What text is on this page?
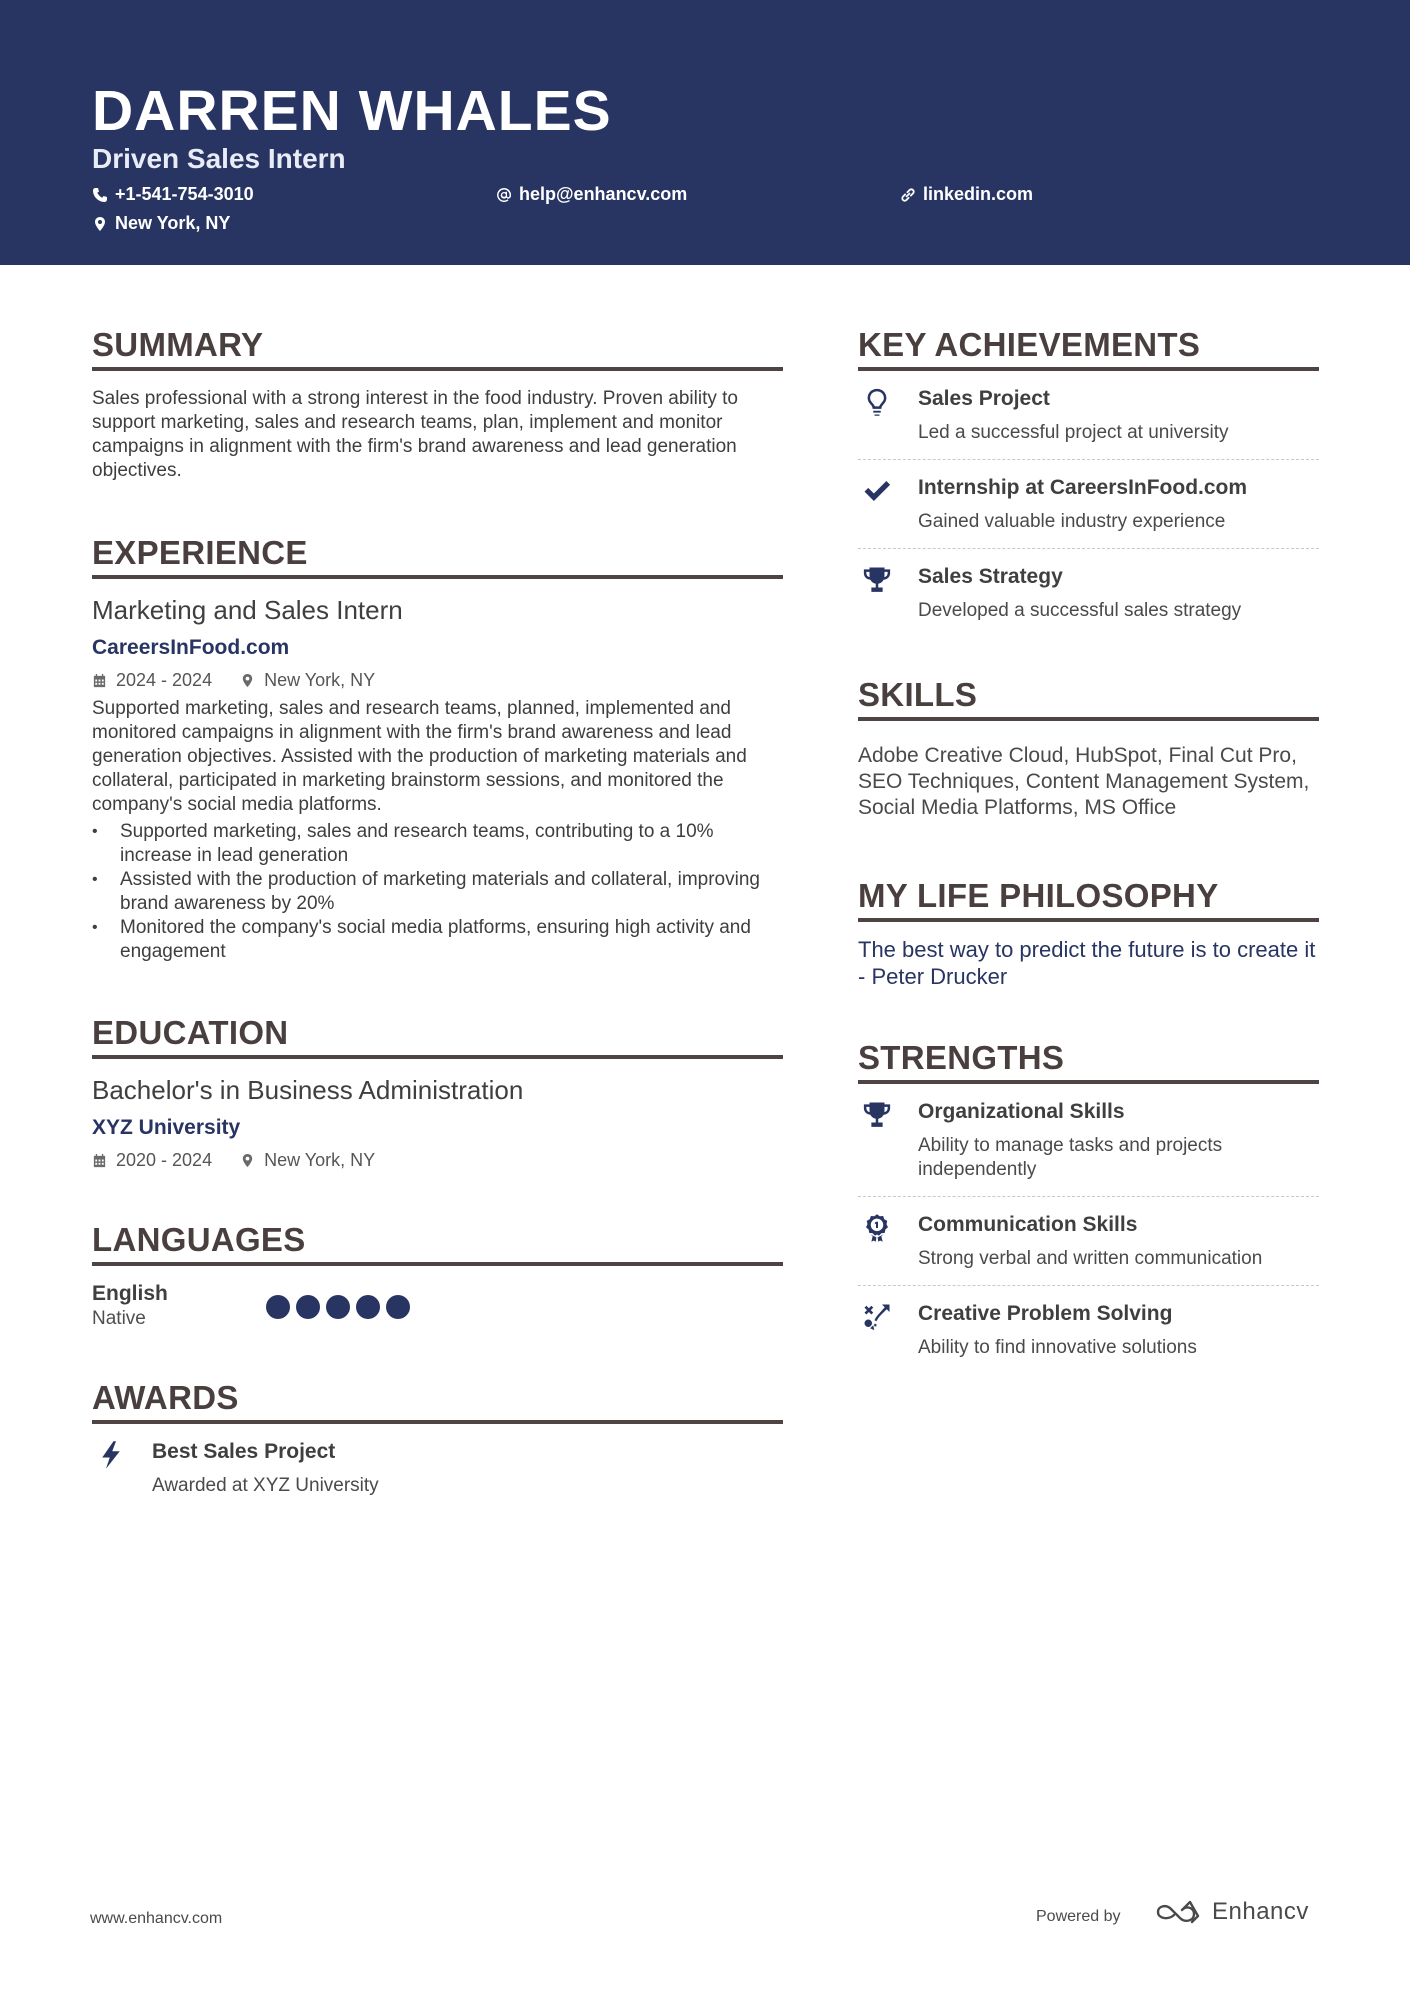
DARREN WHALES
Driven Sales Intern
+1-541-754-3010	help@enhancv.com	linkedin.com
New York, NY
SUMMARY
Sales professional with a strong interest in the food industry. Proven ability to support marketing, sales and research teams, plan, implement and monitor campaigns in alignment with the firm's brand awareness and lead generation objectives.
EXPERIENCE
Marketing and Sales Intern
CareersInFood.com
2024 - 2024	New York, NY
Supported marketing, sales and research teams, planned, implemented and monitored campaigns in alignment with the firm's brand awareness and lead generation objectives. Assisted with the production of marketing materials and collateral, participated in marketing brainstorm sessions, and monitored the company's social media platforms.
• Supported marketing, sales and research teams, contributing to a 10% increase in lead generation
• Assisted with the production of marketing materials and collateral, improving brand awareness by 20%
• Monitored the company's social media platforms, ensuring high activity and engagement
EDUCATION
Bachelor's in Business Administration
XYZ University
2020 - 2024	New York, NY
LANGUAGES
English
Native
AWARDS
Best Sales Project
Awarded at XYZ University
KEY ACHIEVEMENTS
Sales Project
Led a successful project at university
Internship at CareersInFood.com
Gained valuable industry experience
Sales Strategy
Developed a successful sales strategy
SKILLS
Adobe Creative Cloud, HubSpot, Final Cut Pro, SEO Techniques, Content Management System, Social Media Platforms, MS Office
MY LIFE PHILOSOPHY
The best way to predict the future is to create it - Peter Drucker
STRENGTHS
Organizational Skills
Ability to manage tasks and projects independently
Communication Skills
Strong verbal and written communication
Creative Problem Solving
Ability to find innovative solutions
www.enhancv.com	Powered by	Enhancv
